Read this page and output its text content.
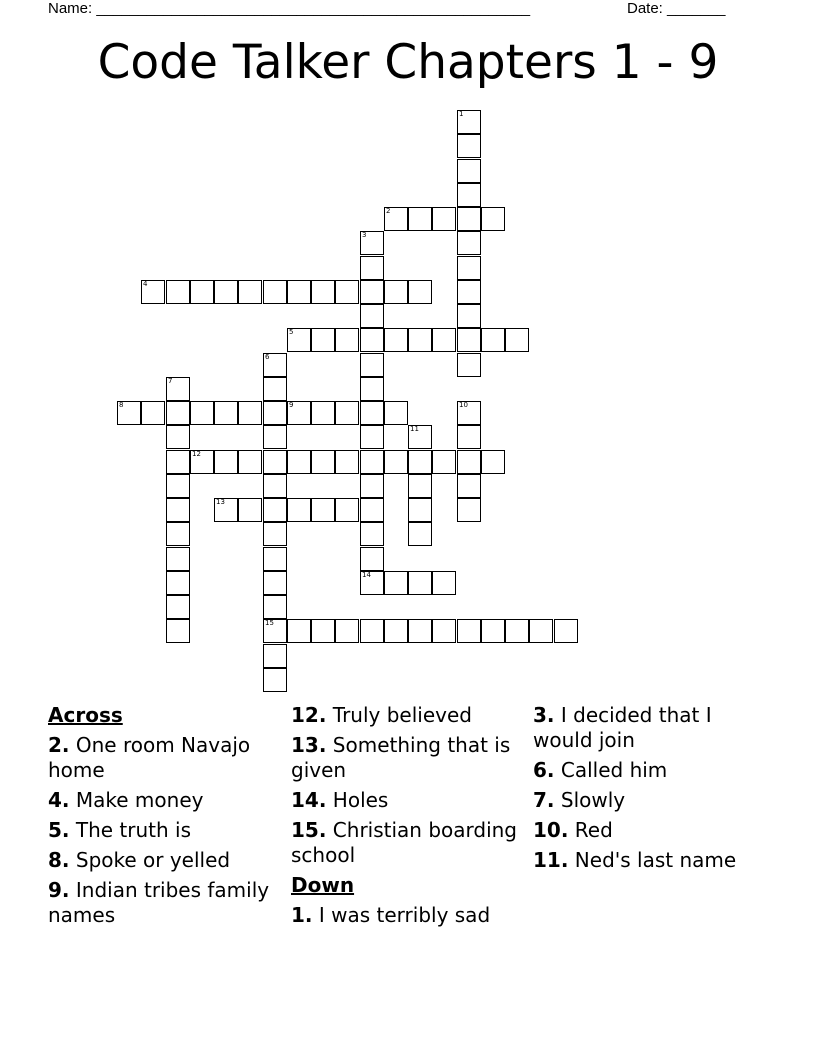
Name: ____________________________________________________	Date: _______
Code Talker Chapters 1 - 9
1
2
3
14
4
5
6
15
7
8	9	10
11
12
13
Across
2. One room Navajo home
4. Make money
5. The truth is
8. Spoke or yelled
9. Indian tribes family names
12. Truly believed
13. Something that is given
14. Holes
15. Christian boarding school
Down
1. I was terribly sad
3. I decided that I would join
6. Called him
7. Slowly
10. Red
11. Ned's last name
